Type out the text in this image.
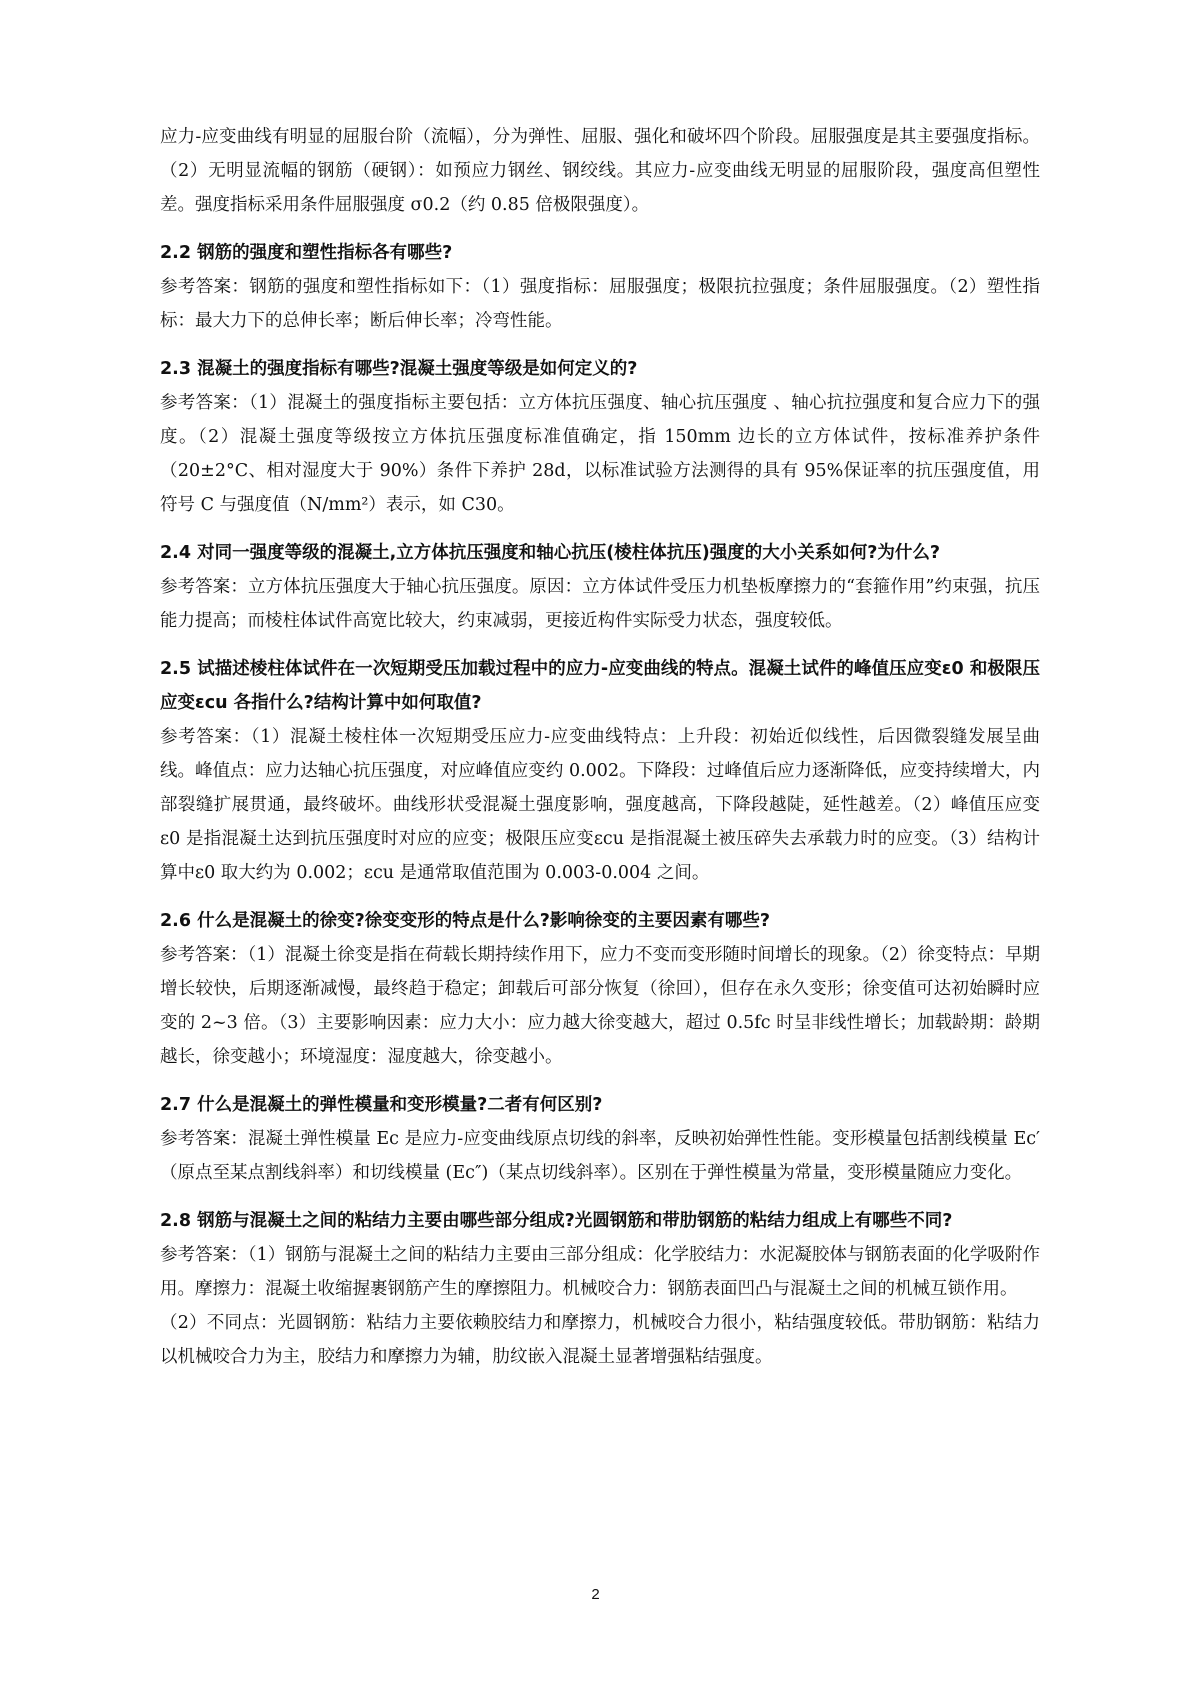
应力-应变曲线有明显的屈服台阶（流幅），分为弹性、屈服、强化和破坏四个阶段。屈服强度是其主要强度指标。（2）无明显流幅的钢筋（硬钢）：如预应力钢丝、钢绞线。其应力-应变曲线无明显的屈服阶段，强度高但塑性差。强度指标采用条件屈服强度 σ0.2（约 0.85 倍极限强度）。

2.2 钢筋的强度和塑性指标各有哪些?

参考答案：钢筋的强度和塑性指标如下：（1）强度指标：屈服强度；极限抗拉强度；条件屈服强度。（2）塑性指标：最大力下的总伸长率；断后伸长率；冷弯性能。

2.3 混凝土的强度指标有哪些?混凝土强度等级是如何定义的?

参考答案：（1）混凝土的强度指标主要包括：立方体抗压强度、轴心抗压强度 、轴心抗拉强度和复合应力下的强度。（2）混凝土强度等级按立方体抗压强度标准值确定，指 150mm 边长的立方体试件，按标准养护条件（20±2°C、相对湿度大于 90%）条件下养护 28d，以标准试验方法测得的具有 95%保证率的抗压强度值，用符号 C 与强度值（N/mm²）表示，如 C30。

2.4 对同一强度等级的混凝土,立方体抗压强度和轴心抗压(棱柱体抗压)强度的大小关系如何?为什么?

参考答案：立方体抗压强度大于轴心抗压强度。原因：立方体试件受压力机垫板摩擦力的“套箍作用”约束强，抗压能力提高；而棱柱体试件高宽比较大，约束减弱，更接近构件实际受力状态，强度较低。

2.5 试描述棱柱体试件在一次短期受压加载过程中的应力-应变曲线的特点。混凝土试件的峰值压应变ε0 和极限压应变εcu 各指什么?结构计算中如何取值?

参考答案：（1）混凝土棱柱体一次短期受压应力-应变曲线特点：上升段：初始近似线性，后因微裂缝发展呈曲线。峰值点：应力达轴心抗压强度，对应峰值应变约 0.002。下降段：过峰值后应力逐渐降低，应变持续增大，内部裂缝扩展贯通，最终破坏。曲线形状受混凝土强度影响，强度越高，下降段越陡，延性越差。（2）峰值压应变ε0 是指混凝土达到抗压强度时对应的应变；极限压应变εcu 是指混凝土被压碎失去承载力时的应变。（3）结构计算中ε0 取大约为 0.002；εcu 是通常取值范围为 0.003-0.004 之间。

2.6 什么是混凝土的徐变?徐变变形的特点是什么?影响徐变的主要因素有哪些?

参考答案：（1）混凝土徐变是指在荷载长期持续作用下，应力不变而变形随时间增长的现象。（2）徐变特点：早期增长较快，后期逐渐减慢，最终趋于稳定；卸载后可部分恢复（徐回），但存在永久变形；徐变值可达初始瞬时应变的 2~3 倍。（3）主要影响因素：应力大小：应力越大徐变越大，超过 0.5fc 时呈非线性增长；加载龄期：龄期越长，徐变越小；环境湿度：湿度越大，徐变越小。

2.7 什么是混凝土的弹性模量和变形模量?二者有何区别?

参考答案：混凝土弹性模量 Ec 是应力-应变曲线原点切线的斜率，反映初始弹性性能。变形模量包括割线模量 Ec′（原点至某点割线斜率）和切线模量 (Ec″)（某点切线斜率）。区别在于弹性模量为常量，变形模量随应力变化。

2.8 钢筋与混凝土之间的粘结力主要由哪些部分组成?光圆钢筋和带肋钢筋的粘结力组成上有哪些不同?

参考答案：（1）钢筋与混凝土之间的粘结力主要由三部分组成：化学胶结力：水泥凝胶体与钢筋表面的化学吸附作用。摩擦力：混凝土收缩握裹钢筋产生的摩擦阻力。机械咬合力：钢筋表面凹凸与混凝土之间的机械互锁作用。

（2）不同点：光圆钢筋：粘结力主要依赖胶结力和摩擦力，机械咬合力很小，粘结强度较低。带肋钢筋：粘结力以机械咬合力为主，胶结力和摩擦力为辅，肋纹嵌入混凝土显著增强粘结强度。

2
